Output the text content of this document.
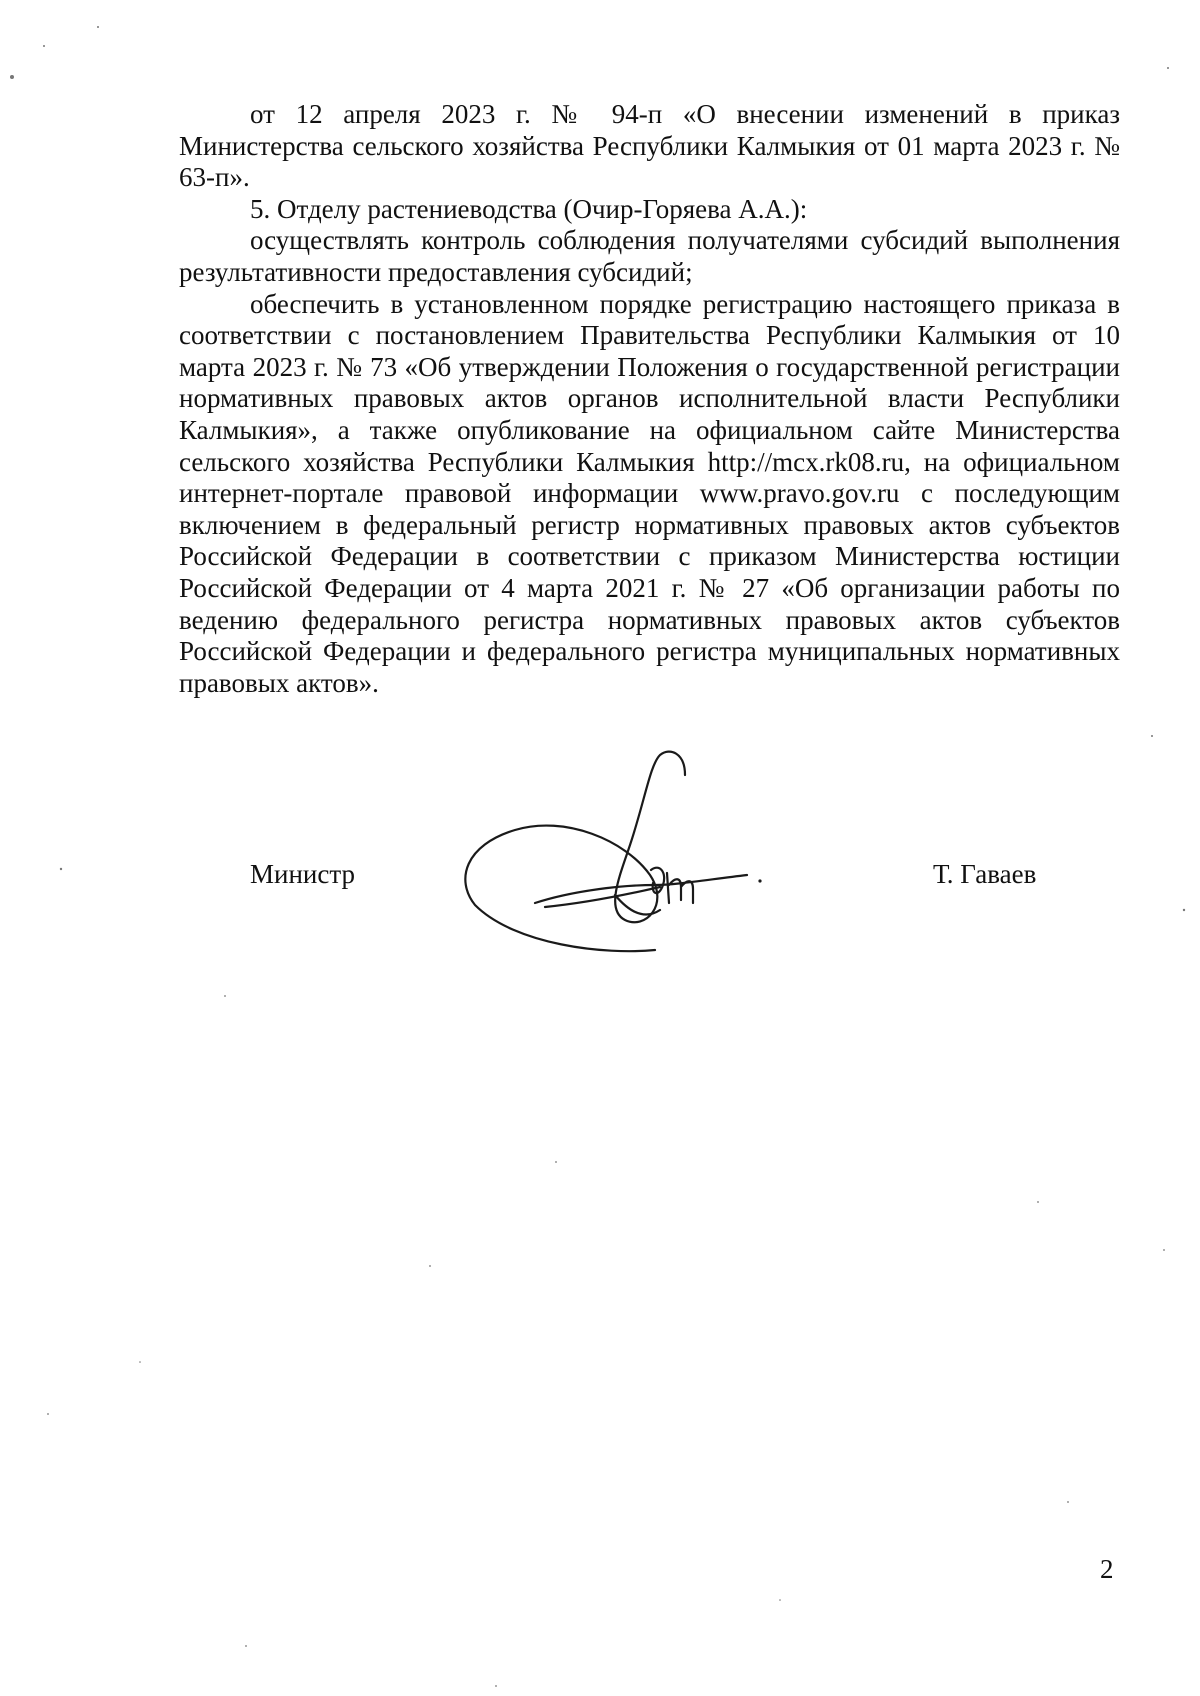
от 12 апреля 2023 г. № 94-п «О внесении изменений в приказ Министерства сельского хозяйства Республики Калмыкия от 01 марта 2023 г. № 63-п».

5. Отделу растениеводства (Очир-Горяева А.А.):

осуществлять контроль соблюдения получателями субсидий выполнения результативности предоставления субсидий;

обеспечить в установленном порядке регистрацию настоящего приказа в соответствии с постановлением Правительства Республики Калмыкия от 10 марта 2023 г. № 73 «Об утверждении Положения о государственной регистрации нормативных правовых актов органов исполнительной власти Республики Калмыкия», а также опубликование на официальном сайте Министерства сельского хозяйства Республики Калмыкия http://mcx.rk08.ru, на официальном интернет-портале правовой информации www.pravo.gov.ru с последующим включением в федеральный регистр нормативных правовых актов субъектов Российской Федерации в соответствии с приказом Министерства юстиции Российской Федерации от 4 марта 2021 г. № 27 «Об организации работы по ведению федерального регистра нормативных правовых актов субъектов Российской Федерации и федерального регистра муниципальных нормативных правовых актов».

Министр	Т. Гаваев
2
